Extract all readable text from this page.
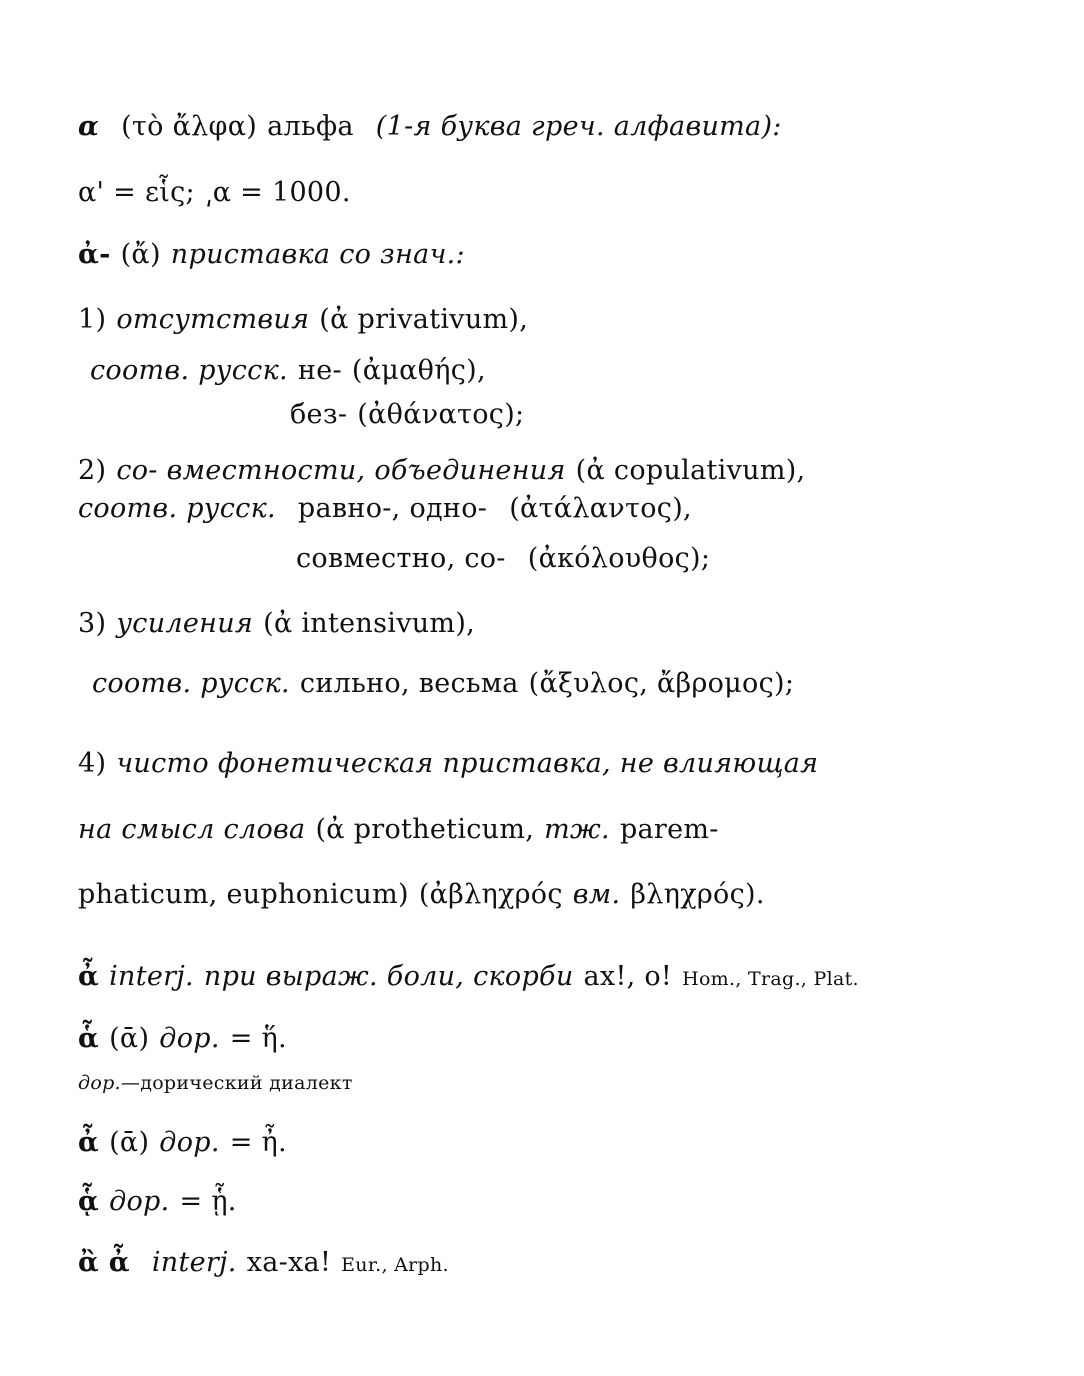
α (τὸ ἄλφα) альфа (1-я буква греч. алфавита):
α' = εἷς; ͵α = 1000.
ἀ- (ἄ) приставка со знач.:
1) отсутствия (ἀ privativum),
соотв. русск. не- (ἀμαθής),
без- (ἀθάνατος);
2) со- вместности, объединения (ἀ copulativum),
соотв. русск. равно-, одно- (ἀτάλαντος),
совместно, со- (ἀκόλουθος);
3) усиления (ἀ intensivum),
соотв. русск. сильно, весьма (ἄξυλος, ἄβρομος);
4) чисто фонетическая приставка, не влияющая
на смысл слова (ἀ protheticum, тж. parem-
phaticum, euphonicum) (ἀβληχρός вм. βληχρός).
ἆ interj. при выраж. боли, скорби ах!, о! Hom., Trag., Plat.
ἇ (ᾱ) дор. = ἥ.
дор.—дорический диалект
ἆ (ᾱ) дор. = ἦ.
ᾇ дор. = ᾗ.
ἂ ἆ interj. ха-ха! Eur., Arph.
